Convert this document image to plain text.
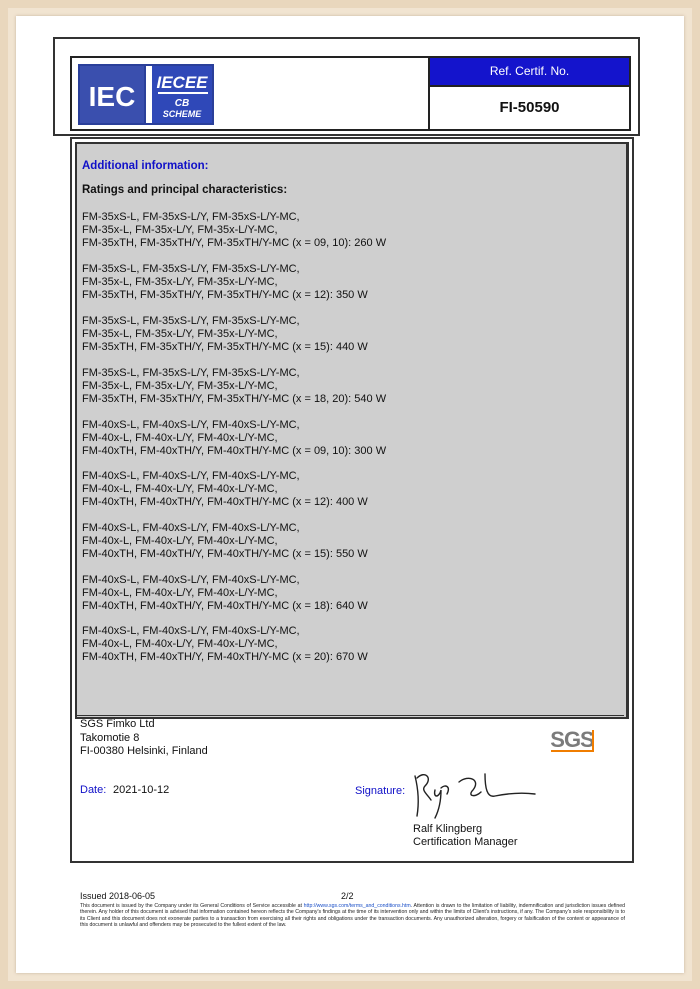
IEC IECEE
CB
SCHEME
Ref. Certif. No.
FI-50590
Additional information:
Ratings and principal characteristics:
FM-35xS-L, FM-35xS-L/Y, FM-35xS-L/Y-MC,
FM-35x-L, FM-35x-L/Y, FM-35x-L/Y-MC,
FM-35xTH, FM-35xTH/Y, FM-35xTH/Y-MC (x = 09, 10): 260 W
FM-35xS-L, FM-35xS-L/Y, FM-35xS-L/Y-MC,
FM-35x-L, FM-35x-L/Y, FM-35x-L/Y-MC,
FM-35xTH, FM-35xTH/Y, FM-35xTH/Y-MC (x = 12): 350 W
FM-35xS-L, FM-35xS-L/Y, FM-35xS-L/Y-MC,
FM-35x-L, FM-35x-L/Y, FM-35x-L/Y-MC,
FM-35xTH, FM-35xTH/Y, FM-35xTH/Y-MC (x = 15): 440 W
FM-35xS-L, FM-35xS-L/Y, FM-35xS-L/Y-MC,
FM-35x-L, FM-35x-L/Y, FM-35x-L/Y-MC,
FM-35xTH, FM-35xTH/Y, FM-35xTH/Y-MC (x = 18, 20): 540 W
FM-40xS-L, FM-40xS-L/Y, FM-40xS-L/Y-MC,
FM-40x-L, FM-40x-L/Y, FM-40x-L/Y-MC,
FM-40xTH, FM-40xTH/Y, FM-40xTH/Y-MC (x = 09, 10): 300 W
FM-40xS-L, FM-40xS-L/Y, FM-40xS-L/Y-MC,
FM-40x-L, FM-40x-L/Y, FM-40x-L/Y-MC,
FM-40xTH, FM-40xTH/Y, FM-40xTH/Y-MC (x = 12): 400 W
FM-40xS-L, FM-40xS-L/Y, FM-40xS-L/Y-MC,
FM-40x-L, FM-40x-L/Y, FM-40x-L/Y-MC,
FM-40xTH, FM-40xTH/Y, FM-40xTH/Y-MC (x = 15): 550 W
FM-40xS-L, FM-40xS-L/Y, FM-40xS-L/Y-MC,
FM-40x-L, FM-40x-L/Y, FM-40x-L/Y-MC,
FM-40xTH, FM-40xTH/Y, FM-40xTH/Y-MC (x = 18): 640 W
FM-40xS-L, FM-40xS-L/Y, FM-40xS-L/Y-MC,
FM-40x-L, FM-40x-L/Y, FM-40x-L/Y-MC,
FM-40xTH, FM-40xTH/Y, FM-40xTH/Y-MC (x = 20): 670 W
SGS Fimko Ltd
Takomotie 8
FI-00380 Helsinki, Finland	SGS
Date: 2021-10-12	Signature:
Ralf Klingberg
Certification Manager
Issued 2018-06-05	2/2
This document is issued by the Company under its General Conditions of Service accessible at http://www.sgs.com/terms_and_conditions.htm. Attention is drawn to the limitation of liability, indemnification and jurisdiction issues defined therein. Any holder of this document is advised that information contained hereon reflects the Company's findings at the time of its intervention only and within the limits of Client's instructions, if any. The Company's sole responsibility is to its Client and this document does not exonerate parties to a transaction from exercising all their rights and obligations under the transaction documents. Any unauthorized alteration, forgery or falsification of the content or appearance of this document is unlawful and offenders may be prosecuted to the fullest extent of the law.
